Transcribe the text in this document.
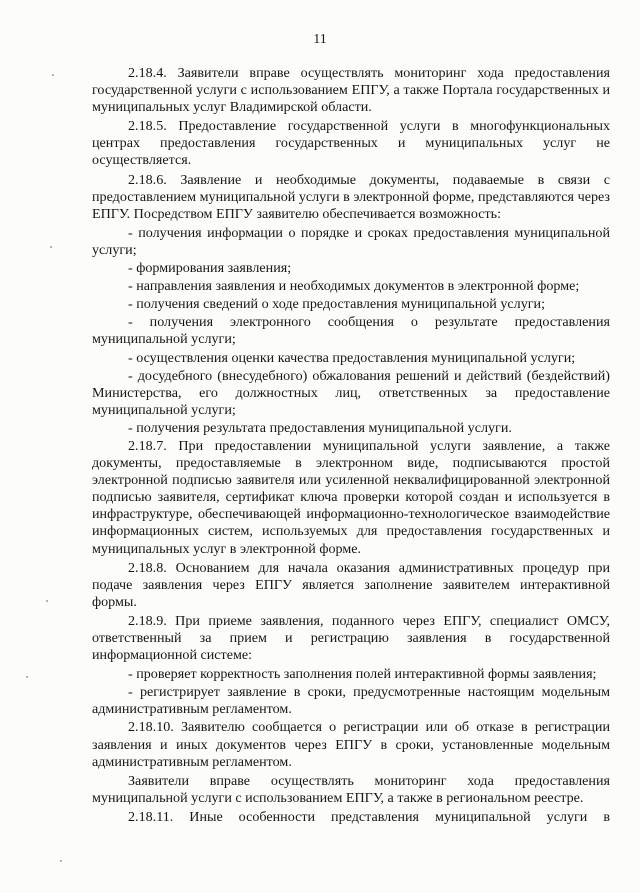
11

2.18.4. Заявители вправе осуществлять мониторинг хода предоставления государственной услуги с использованием ЕПГУ, а также Портала государственных и муниципальных услуг Владимирской области.

2.18.5. Предоставление государственной услуги в многофункциональных центрах предоставления государственных и муниципальных услуг не осуществляется.

2.18.6. Заявление и необходимые документы, подаваемые в связи с предоставлением муниципальной услуги в электронной форме, представляются через ЕПГУ. Посредством ЕПГУ заявителю обеспечивается возможность:

- получения информации о порядке и сроках предоставления муниципальной услуги;

- формирования заявления;

- направления заявления и необходимых документов в электронной форме;

- получения сведений о ходе предоставления муниципальной услуги;

- получения электронного сообщения о результате предоставления муниципальной услуги;

- осуществления оценки качества предоставления муниципальной услуги;

- досудебного (внесудебного) обжалования решений и действий (бездействий) Министерства, его должностных лиц, ответственных за предоставление муниципальной услуги;

- получения результата предоставления муниципальной услуги.

2.18.7. При предоставлении муниципальной услуги заявление, а также документы, предоставляемые в электронном виде, подписываются простой электронной подписью заявителя или усиленной неквалифицированной электронной подписью заявителя, сертификат ключа проверки которой создан и используется в инфраструктуре, обеспечивающей информационно-технологическое взаимодействие информационных систем, используемых для предоставления государственных и муниципальных услуг в электронной форме.

2.18.8. Основанием для начала оказания административных процедур при подаче заявления через ЕПГУ является заполнение заявителем интерактивной формы.

2.18.9. При приеме заявления, поданного через ЕПГУ, специалист ОМСУ, ответственный за прием и регистрацию заявления в государственной информационной системе:

- проверяет корректность заполнения полей интерактивной формы заявления;

- регистрирует заявление в сроки, предусмотренные настоящим модельным административным регламентом.

2.18.10. Заявителю сообщается о регистрации или об отказе в регистрации заявления и иных документов через ЕПГУ в сроки, установленные модельным административным регламентом.

Заявители вправе осуществлять мониторинг хода предоставления муниципальной услуги с использованием ЕПГУ, а также в региональном реестре.

2.18.11. Иные особенности представления муниципальной услуги в
